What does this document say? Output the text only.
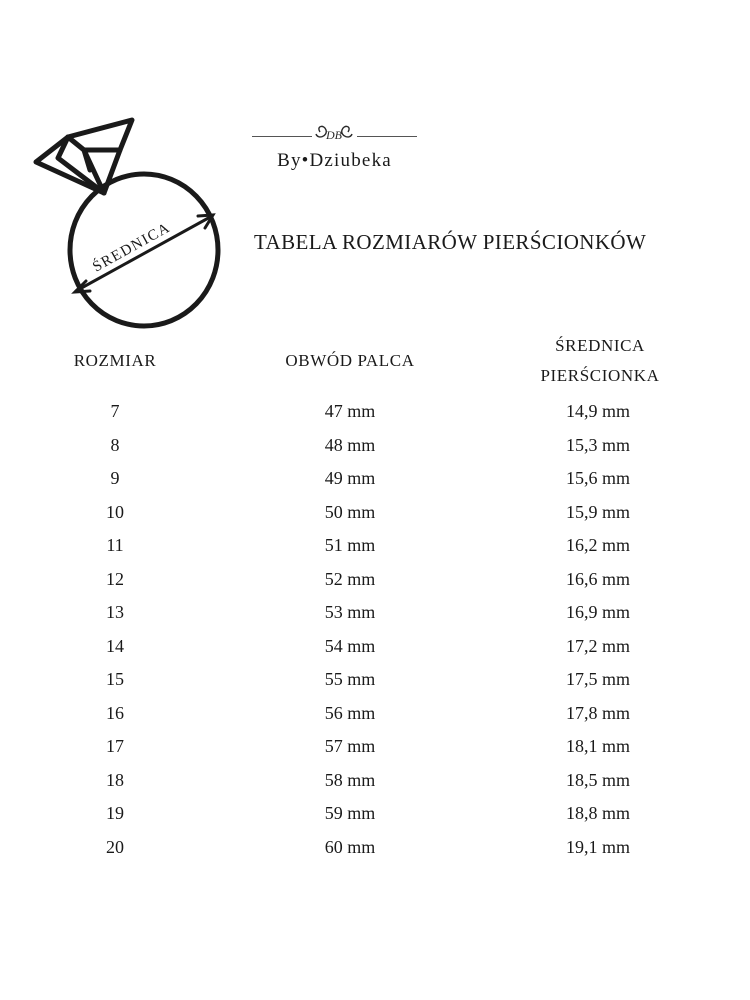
ŚREDNICA
DB
By•Dziubeka
TABELA ROZMIARÓW PIERŚCIONKÓW
ROZMIAR	OBWÓD PALCA
ŚREDNICA
PIERŚCIONKA
7	47 mm	14,9 mm
8	48 mm	15,3 mm
9	49 mm	15,6 mm
10	50 mm	15,9 mm
11	51 mm	16,2 mm
12	52 mm	16,6 mm
13	53 mm	16,9 mm
14	54 mm	17,2 mm
15	55 mm	17,5 mm
16	56 mm	17,8 mm
17	57 mm	18,1 mm
18	58 mm	18,5 mm
19	59 mm	18,8 mm
20	60 mm	19,1 mm
